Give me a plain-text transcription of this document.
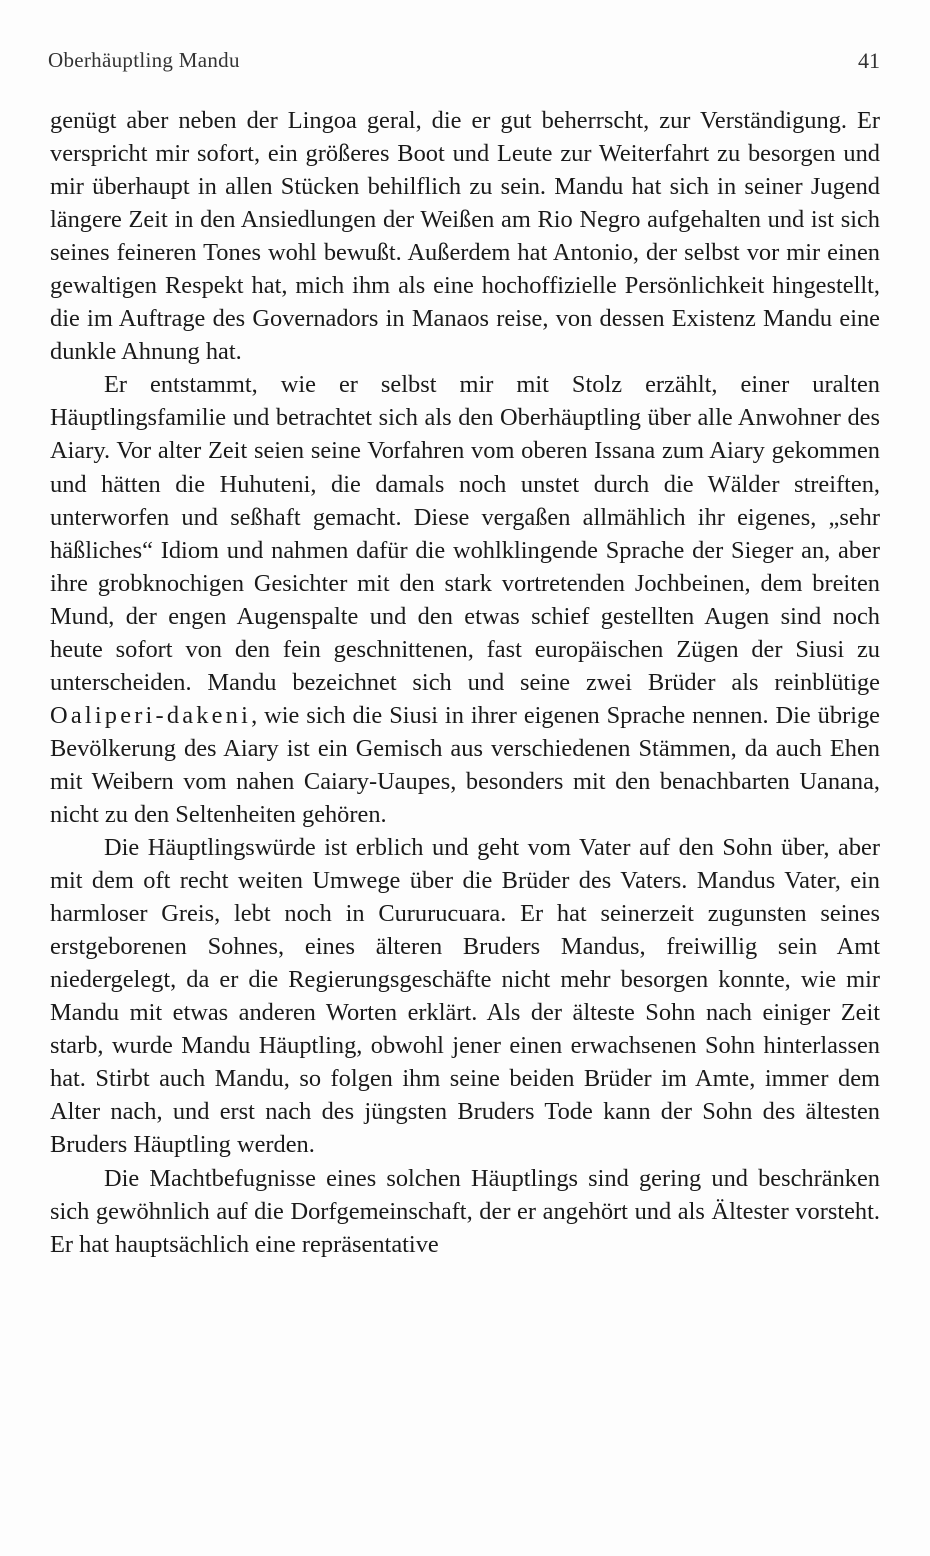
Oberhäuptling Mandu	41

genügt aber neben der Lingoa geral, die er gut beherrscht, zur Verständigung. Er verspricht mir sofort, ein größeres Boot und Leute zur Weiterfahrt zu besorgen und mir überhaupt in allen Stücken behilflich zu sein. Mandu hat sich in seiner Jugend längere Zeit in den Ansiedlungen der Weißen am Rio Negro aufgehalten und ist sich seines feineren Tones wohl bewußt. Außerdem hat Antonio, der selbst vor mir einen gewaltigen Respekt hat, mich ihm als eine hochoffizielle Persönlichkeit hingestellt, die im Auftrage des Governadors in Manaos reise, von dessen Existenz Mandu eine dunkle Ahnung hat.

Er entstammt, wie er selbst mir mit Stolz erzählt, einer uralten Häuptlingsfamilie und betrachtet sich als den Oberhäuptling über alle Anwohner des Aiary. Vor alter Zeit seien seine Vorfahren vom oberen Issana zum Aiary gekommen und hätten die Huhuteni, die damals noch unstet durch die Wälder streiften, unterworfen und seßhaft gemacht. Diese vergaßen allmählich ihr eigenes, „sehr häßliches“ Idiom und nahmen dafür die wohlklingende Sprache der Sieger an, aber ihre grobknochigen Gesichter mit den stark vortretenden Jochbeinen, dem breiten Mund, der engen Augenspalte und den etwas schief gestellten Augen sind noch heute sofort von den fein geschnittenen, fast europäischen Zügen der Siusi zu unterscheiden. Mandu bezeichnet sich und seine zwei Brüder als reinblütige Oaliperi-dakeni, wie sich die Siusi in ihrer eigenen Sprache nennen. Die übrige Bevölkerung des Aiary ist ein Gemisch aus verschiedenen Stämmen, da auch Ehen mit Weibern vom nahen Caiary-Uaupes, besonders mit den benachbarten Uanana, nicht zu den Seltenheiten gehören.

Die Häuptlingswürde ist erblich und geht vom Vater auf den Sohn über, aber mit dem oft recht weiten Umwege über die Brüder des Vaters. Mandus Vater, ein harmloser Greis, lebt noch in Cururucuara. Er hat seinerzeit zugunsten seines erstgeborenen Sohnes, eines älteren Bruders Mandus, freiwillig sein Amt niedergelegt, da er die Regierungsgeschäfte nicht mehr besorgen konnte, wie mir Mandu mit etwas anderen Worten erklärt. Als der älteste Sohn nach einiger Zeit starb, wurde Mandu Häuptling, obwohl jener einen erwachsenen Sohn hinterlassen hat. Stirbt auch Mandu, so folgen ihm seine beiden Brüder im Amte, immer dem Alter nach, und erst nach des jüngsten Bruders Tode kann der Sohn des ältesten Bruders Häuptling werden.

Die Machtbefugnisse eines solchen Häuptlings sind gering und beschränken sich gewöhnlich auf die Dorfgemeinschaft, der er angehört und als Ältester vorsteht. Er hat hauptsächlich eine repräsentative
